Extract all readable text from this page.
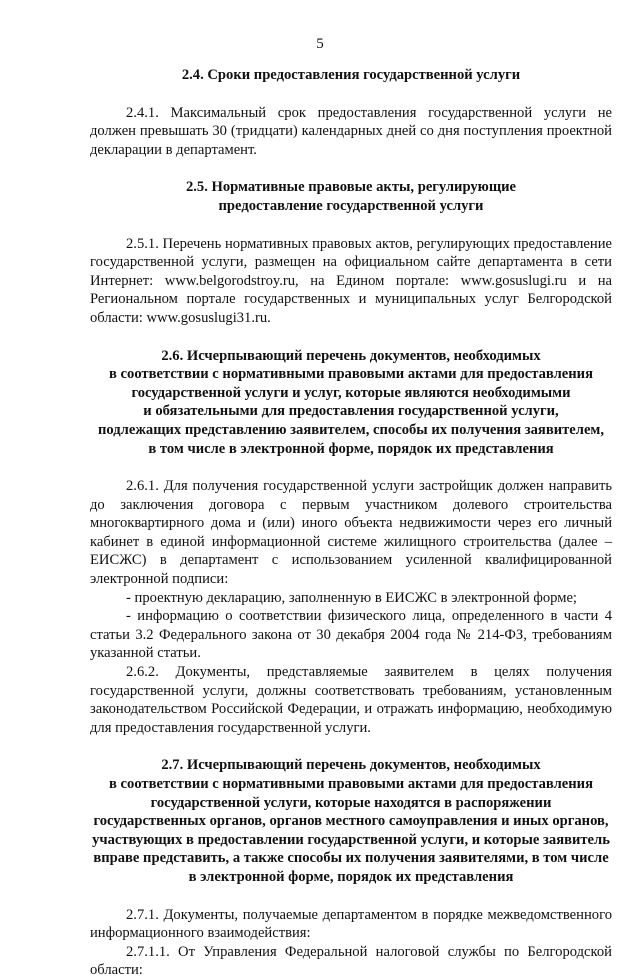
5
2.4. Сроки предоставления государственной услуги

2.4.1. Максимальный срок предоставления государственной услуги не должен превышать 30 (тридцати) календарных дней со дня поступления проектной декларации в департамент.

2.5. Нормативные правовые акты, регулирующие
предоставление государственной услуги

2.5.1. Перечень нормативных правовых актов, регулирующих предоставление государственной услуги, размещен на официальном сайте департамента в сети Интернет: www.belgorodstroy.ru, на Едином портале: www.gosuslugi.ru и на Региональном портале государственных и муниципальных услуг Белгородской области: www.gosuslugi31.ru.

2.6. Исчерпывающий перечень документов, необходимых
в соответствии с нормативными правовыми актами для предоставления
государственной услуги и услуг, которые являются необходимыми
и обязательными для предоставления государственной услуги,
подлежащих представлению заявителем, способы их получения заявителем,
в том числе в электронной форме, порядок их представления

2.6.1. Для получения государственной услуги застройщик должен направить до заключения договора с первым участником долевого строительства многоквартирного дома и (или) иного объекта недвижимости через его личный кабинет в единой информационной системе жилищного строительства (далее – ЕИСЖС) в департамент с использованием усиленной квалифицированной электронной подписи:

- проектную декларацию, заполненную в ЕИСЖС в электронной форме;

- информацию о соответствии физического лица, определенного в части 4 статьи 3.2 Федерального закона от 30 декабря 2004 года № 214-ФЗ, требованиям указанной статьи.

2.6.2. Документы, представляемые заявителем в целях получения государственной услуги, должны соответствовать требованиям, установленным законодательством Российской Федерации, и отражать информацию, необходимую для предоставления государственной услуги.

2.7. Исчерпывающий перечень документов, необходимых
в соответствии с нормативными правовыми актами для предоставления
государственной услуги, которые находятся в распоряжении
государственных органов, органов местного самоуправления и иных органов,
участвующих в предоставлении государственной услуги, и которые заявитель
вправе представить, а также способы их получения заявителями, в том числе
в электронной форме, порядок их представления

2.7.1. Документы, получаемые департаментом в порядке межведомственного информационного взаимодействия:

2.7.1.1. От Управления Федеральной налоговой службы по Белгородской области:
